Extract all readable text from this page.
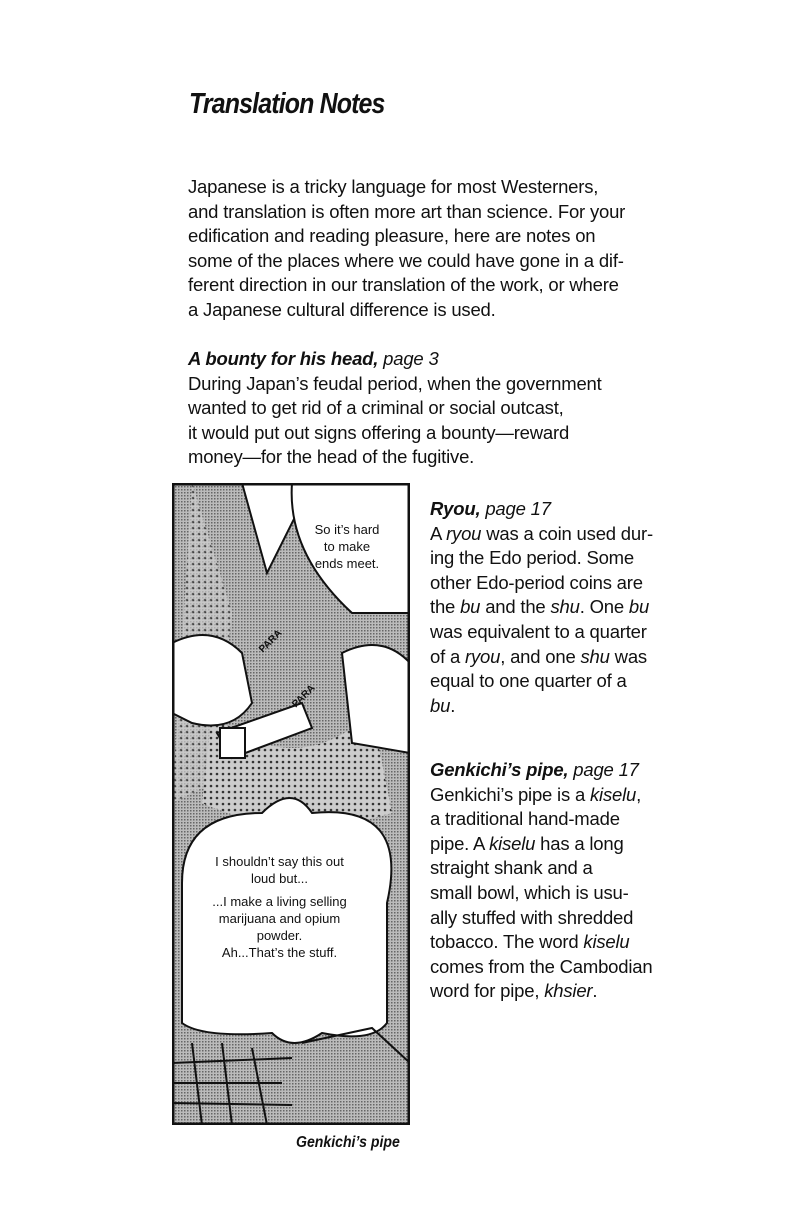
Translation Notes
Japanese is a tricky language for most Westerners,
and translation is often more art than science. For your
edification and reading pleasure, here are notes on
some of the places where we could have gone in a dif-
ferent direction in our translation of the work, or where
a Japanese cultural difference is used.
A bounty for his head, page 3
During Japan’s feudal period, when the government
wanted to get rid of a criminal or social outcast,
it would put out signs offering a bounty—reward
money—for the head of the fugitive.
Ryou, page 17
A ryou was a coin used dur-
ing the Edo period. Some
other Edo-period coins are
the bu and the shu. One bu
was equivalent to a quarter
of a ryou, and one shu was
equal to one quarter of a
bu.
Genkichi’s pipe, page 17
Genkichi’s pipe is a kiselu,
a traditional hand-made
pipe. A kiselu has a long
straight shank and a
small bowl, which is usu-
ally stuffed with shredded
tobacco. The word kiselu
comes from the Cambodian
word for pipe, khsier.
So it’s hard
to make
ends meet.
PARA
PARA
I shouldn’t say this out
loud but...
...I make a living selling
marijuana and opium
powder.
Ah...That’s the stuff.
Genkichi’s pipe
